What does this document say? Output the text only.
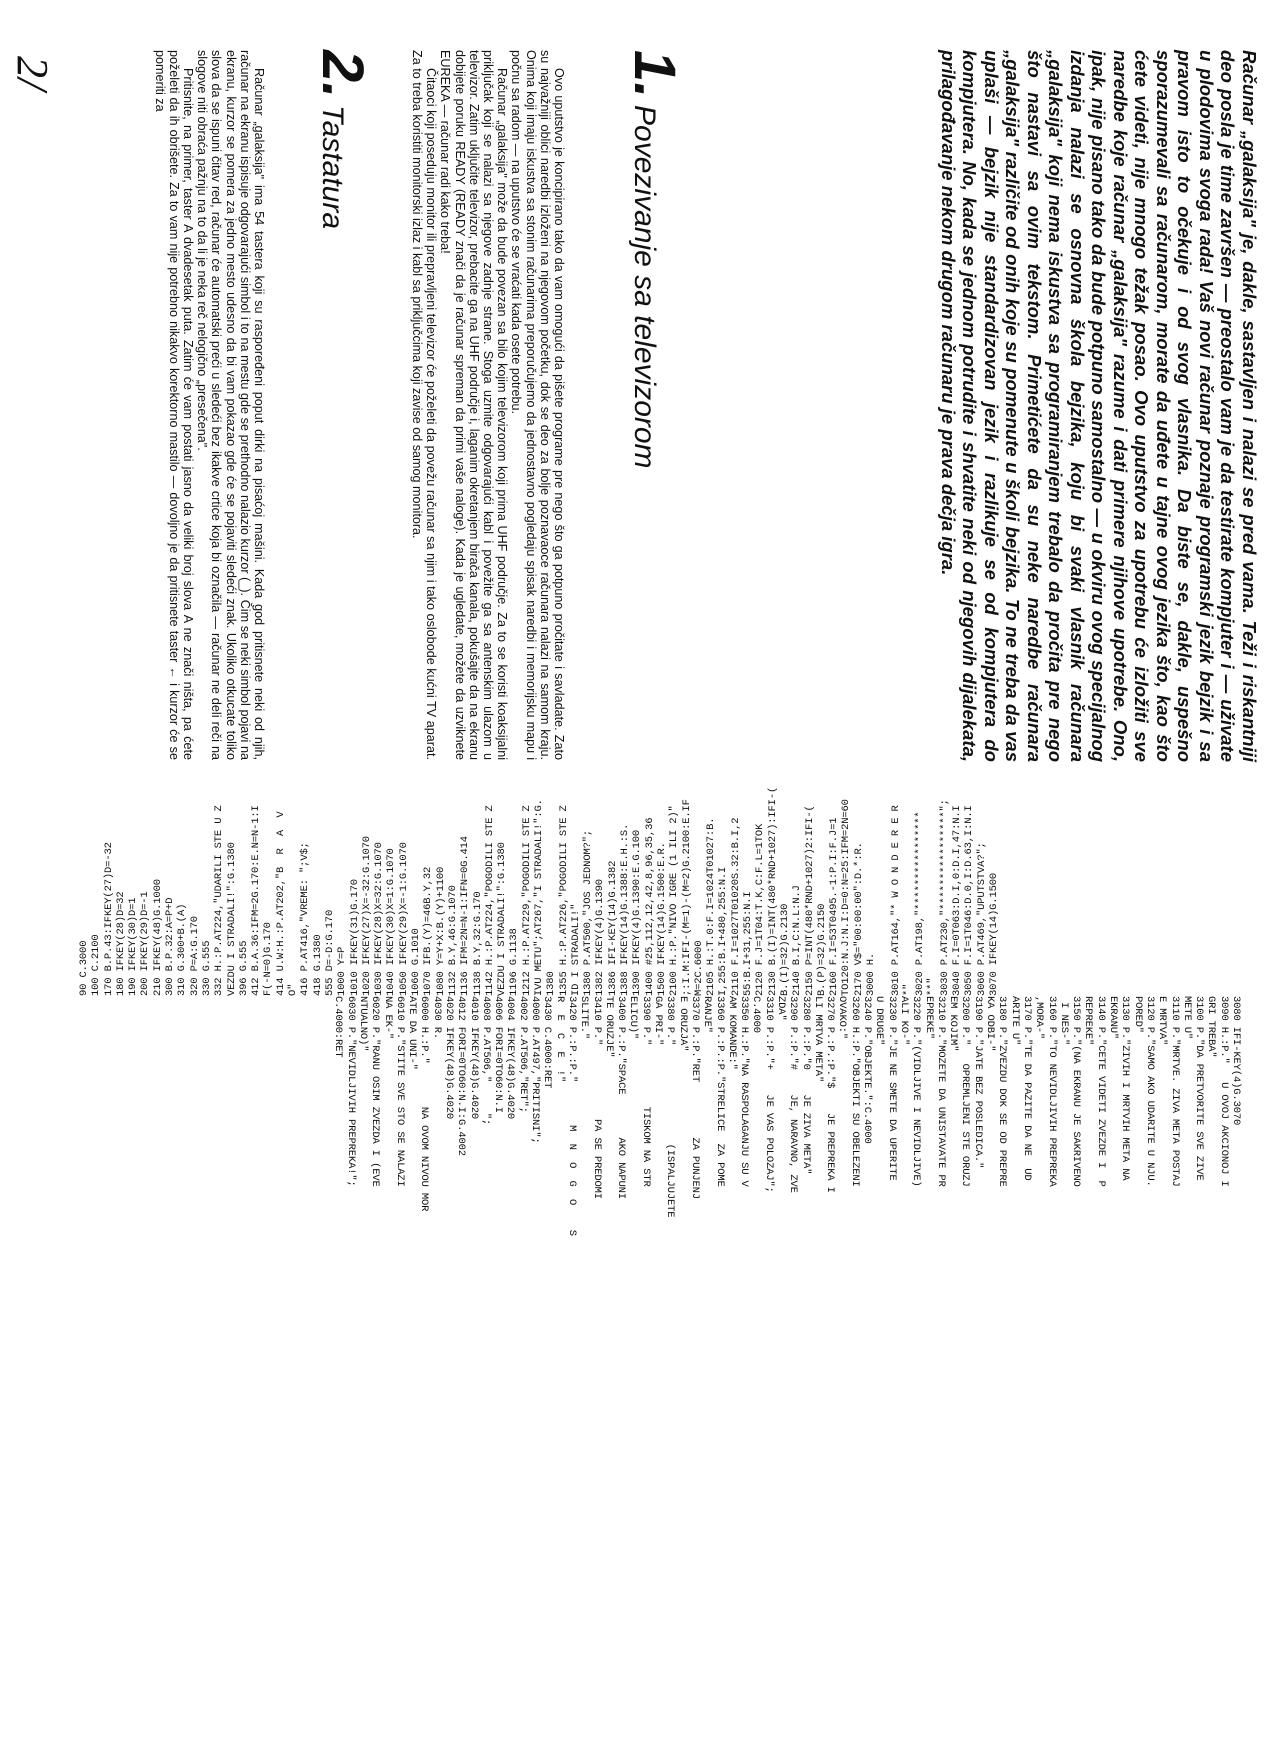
2/	Računar „galaksija" je, dakle, sastavljen i nalazi se pred vama. Teži i riskantniji deo posla je time završen — preostalo vam je da testirate kompjuter i — uživate u plodovima svoga rada! Vaš novi računar poznaje programski jezik bejzik i sa pravom isto to očekuje i od svog vlasnika. Da biste se, dakle, uspešno sporazumevali sa računarom, morate da uđete u tajne ovog jezika što, kao što ćete videti, nije mnogo težak posao. Ovo uputstvo za upotrebu će izložiti sve naredbe koje računar „galaksija" razume i dati primere njihove upotrebe. Ono, ipak, nije pisano tako da bude potpuno samostalno — u okviru ovog specijalnog izdanja nalazi se osnovna škola bejzika, koju bi svaki vlasnik računara „galaksija" koji nema iskustva sa programiranjem trebalo da pročita pre nego što nastavi sa ovim tekstom. Primetićete da su neke naredbe računara „galaksija" različite od onih koje su pomenute u školi bejzika. To ne treba da vas uplaši — bejzik nije standardizovan jezik i razlikuje se od kompjutera do kompjutera. No, kada se jednom potrudite i shvatite neki od njegovih dijalekata, prilagođavanje nekom drugom računaru je prava dečja igra.

1. Povezivanje sa televizorom

Ovo uputstvo je koncipirano tako da vam omogući da pišete programe pre nego što ga potpuno pročitate i savladate. Zato su najvažniji oblici naredbi izloženi na njegovom početku, dok se deo za bolje poznavaoce računara nalazi na samom kraju. Onima koji imaju iskustva sa stonim računarima preporučujemo da jednostavno pogledaju spisak naredbi i memorijsku mapu i počnu sa radom — na uputstvo će se vraćati kada osete potrebu.

Računar „galaksija" može da bude povezan sa bilo kojim televizorom koji prima UHF područje. Za to se koristi koaksijalni priključak koji se nalazi sa njegove zadnje strane. Stoga uzmite odgovarajući kabl i povežite ga sa antenskim ulazom u televizor. Zatim uključite televizor, prebacite ga na UHF područje i, laganim okretanjem birača kanala, pokušajte da na ekranu dobijete poruku READY (READY znači da je računar spreman da primi vaše naloge). Kada je ugledate, možete da uzviknete EUREKA — računar radi kako treba!

Čitaoci koji poseduju monitor ili prepravljeni televizor će poželeti da povežu računar sa njim i tako oslobode kućni TV aparat. Za to treba koristiti monitorski izlaz i kabl sa priključcima koji zavise od samog monitora.

2. Tastatura

Računar „galaksija" ima 54 tastera koji su raspoređeni poput dirki na pisaćoj mašini. Kada god pritisnete neki od njih, računar na ekranu ispisuje odgovarajući simbol i to na mestu gde se prethodno nalazio kurzor (_). Čim se neki simbol pojavi na ekranu, kurzor se pomera za jedno mesto udesno da bi vam pokazao gde će se pojaviti sledeći znak. Ukoliko otkucate toliko slova da se ispuni čitav red, računar će automatski preći u sledeći bez ikakve crtice koja bi označila — računar ne deli reči na slogove niti obraća pažnju na to da li je neka reč nelogično „presečena".

Pritisnite, na primer, taster A dvadesetak puta. Zatim će vam postati jasno da veliki broj slova A ne znači ništa, pa ćete poželeti da ih obrišete. Za to vam nije potrebno nikakvo korektorno mastilo — dovoljno je da pritisnete taster ← i kurzor će se pomeriti za

3080 IFI-KEY(4)G.3070
3090 H.:P."   U OVOJ AKCIONOJ I
GRI TREBA"
3100 P."DA PRETVORITE SVE ZIVE
METE U"
3110 P."MRTVE. ZIVA META POSTAJ
E MRTVA"
3120 P."SAMO AKO UDARITE U NJU.
PORED"
3130 P."ZIVIH I MRTVIH META NA
EKRANU"
3140 P."CETE VIDETI ZVEZDE I  P
REPREKE"
3150 P."(NA EKRANU JE SAKRIVENO
I NES-"
3160 P."TO NEVIDLJIVIH PREPREKA
,MORA-"
3170 P."TE DA PAZITE DA NE  UD
ARITE U"
3180 P."ZVEZDU DOK SE OD PREPRE
KA ODBI-"
3190 P."JATE BEZ POSLEDICA."
3200 P."   OPREMLJENI STE ORUZJ
EM KOJIM"
3210 P."MOZETE DA UNISTAVATE PR
EPREKE"
3220 P."(VIDLJIVE I NEVIDLJIVE)
ALI KO-"
3230 P."JE NE SMETE DA UPERITE
U DRUGE"
3240 P."OBJEKTE.":C.4000
3260 H.:P."OBJEKTI SU OBELEZENI
OVAKO:"
3270 P.:P.:P."$    JE PREPREKA I
LI MRTVA META"
3280 P.:P."0    JE ZIVA META"
3290 P.:P."#    JE, NARAVNO, ZVE
ZDA"
3310 P.:P."+    JE VAS POLOZAJ";
C.4000
3350 H.:P."NA RASPOLAGANJU SU V
AM KOMANDE:"
3360 P.:P.:P."STRELICE  ZA POME
RANJE"
3370 P.:P."RET         ZA PUNJENJ
E ORUZJA"
3380 P."                (ISPALJUJETE
GA PRI-"
3390 P."          TISKOM NA STR
ELICU)"
3400 P.:P."SPACE       AKO NAPUNI
TE ORUZJE"
3410 P."            PA SE PREDOMI
SLITE."
3420 P.:P.:P."       M  N  O  G  O    S
R  E  C  E  !"
3430 C.4000:RET
4000 P.AT497,"PRITISNI";
4002 P.AT506,"RET";
4004 IFKEY(48)G.4020
4006 FORI=0TO60:N.I
4008 P.AT506,"     ";
4010 IFKEY(48)G.4020
4012 FORI=0TO60:N.I:G.4002
4020 IFKEY(48)G.4020
4030 R.
6000 H.:P."       NA OVOM NIVOU MOR
ATE DA UNI-"
6010 P."STITE SVE STO SE NALAZI
NA EK-"
6020 P."RANU OSIM ZVEZDA I (EVE
NTUALNO)"
6030 P."NEVIDLJIVIH PREPREKA!";
C.4000:RET
90 C.3000 100 C.2100 170 B.P.43:IFKEY(27)D=-32 180 IFKEY(28)D=32 190 IFKEY(30)D=1 200 IFKEY(29)D=-1 210 IFKEY(48)G.1000 300 B.P.32:A=P+D 310 G.300+B.(A) 320 P=A:G.170 330 G.555 332 H.:P.AT224,"UDARILI STE U Z VEZDU I STRADALI!":G.1380 396 G.555 412 B.A.36:IFM=2G.170:E.N=N-1:I F(-N=0)G.170 414 U.W:H.:P.AT202,"B  R  A  V O" 416 P.AT416,"VREME: ";V$; 418 G.1380 555 D=-D:G.170 1000 Y=P 1010 IFKEY(31)G.170 1020 IFKEY(27)X=-32:G.1070 1030 IFKEY(28)X=32:G.1070 1040 IFKEY(30)X=1:G.1070 1050 IFKEY(29)X=-1:G.1070 1060 G.1010 1070 IFB.(Y)=46B.Y,32 1080 Y=Y+X:B.(Y)+1100 1132 B.Y,46:G.1070 1136 IFM=2N=N-1:IFN=0G.414 1138 B.Y,32:G.170 1142 H.:P.AT224,"POGODILI STE Z VEZDU I STRADALI!":G.1380 1196 G.1138 1212 H.:P.AT229,"POGODILI STE Z IVU METU";AT267,"I STRADALI!":G. 1380 1355 H.:P.AT226,"POGODILI STE Z ID I STRADALI!" 1380 P.AT500,"JOS JEDNOM?"; 1382 IFKEY(4)G.1390 1386 IFI-KEY(14)G.1382 1388 IFKEY(14)G.1388:E.H.:S. 1390 IFKEY(4)G.1390:E.G.100 1400 #25,112,12,42,8,96,35,36 1500 IFKEY(14)G.1500:E.R. 2100 H.:P."NIVO IGRE (1 ILI 2)" ;:I.M:IFI-(M=1)-(M=2)G.2100:E.IF M=2C.6000 2105 H.:T.0:F.I=1024T01027:B. I,255:B.I+480,255:N.I 2110 F.I=1027T01020S.32:B.I,2 55:B.I+31,255:N.I 2120 F.J=1T04:T.K,C:F.L=1TOK 2130 B.(I)=INT(480*RND+1027):IFI-( B.(I)=32)G.2130 2140 B.I,C:N.L:N.J 2150 P=INT(480*RND+1027)2:IFI-( B.(P)=32)G.2150 2160 F.I=53T0495.-1:P.I:F.J=1 TO120:N.J:N.I:D=0:N=25:IFM=2N=60 2170 V$="00:00:00":D.*:R. 3000 H.
3010 P.AT164,"* W O N D E R E R *" 3020 P.AT198,"**************** **" 3030 P.AT230,"****************"; 3040 F.I=0T063:D.I,0:D.I,47:N.I 3050 F.I=1T046:D.0,I:D.63,I:N.I 3060 P.AT469,"UPUTSTVA?"; 3070 IFKEY(14)G.1500
